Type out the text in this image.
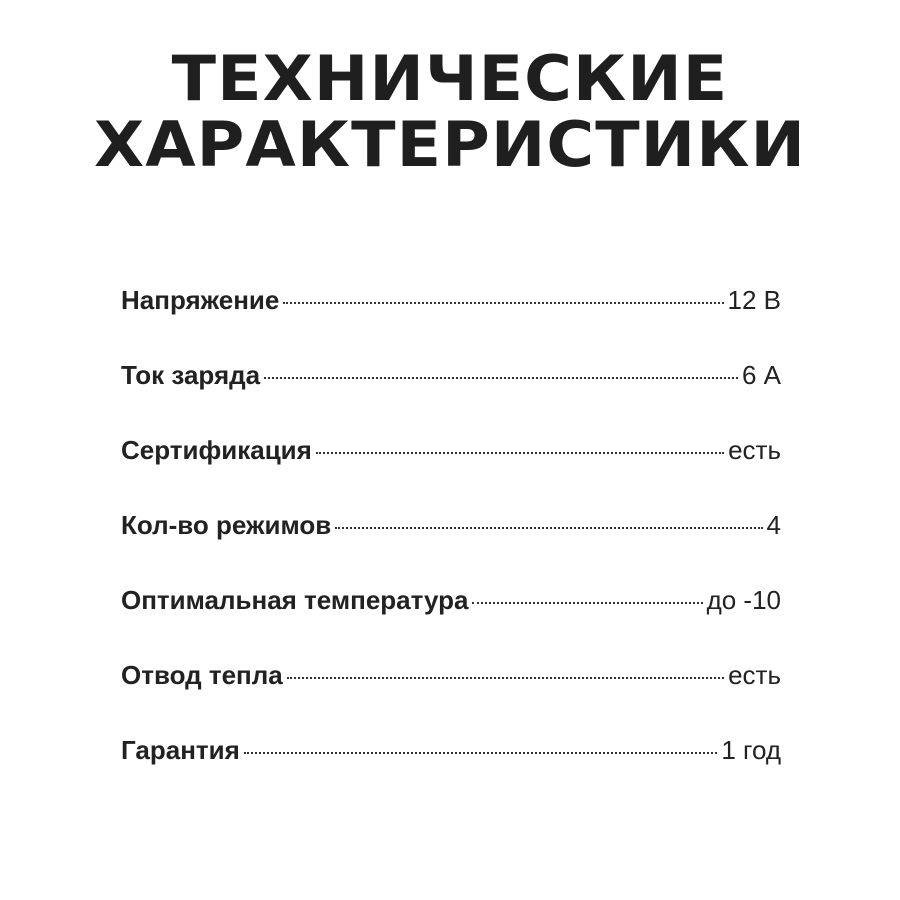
ТЕХНИЧЕСКИЕ
ХАРАКТЕРИСТИКИ
Напряжение	12 В
Ток заряда	6 А
Сертификация	есть
Кол-во режимов	4
Оптимальная температура	до -10
Отвод тепла	есть
Гарантия	1 год
